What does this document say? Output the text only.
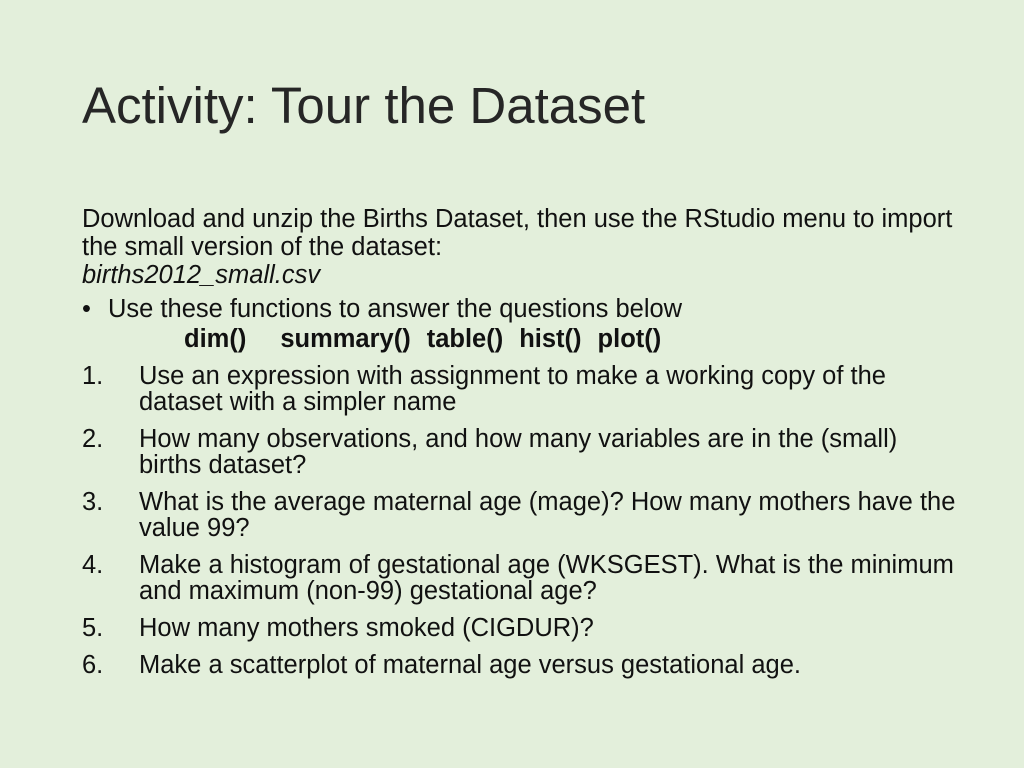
Activity: Tour the Dataset

Download and unzip the Births Dataset, then use the RStudio menu to import the small version of the dataset:
births2012_small.csv

• Use these functions to answer the questions below
dim() summary() table() hist() plot()
1. Use an expression with assignment to make a working copy of the dataset with a simpler name
2. How many observations, and how many variables are in the (small) births dataset?
3. What is the average maternal age (mage)? How many mothers have the value 99?
4. Make a histogram of gestational age (WKSGEST). What is the minimum and maximum (non-99) gestational age?
5. How many mothers smoked (CIGDUR)?
6. Make a scatterplot of maternal age versus gestational age.
